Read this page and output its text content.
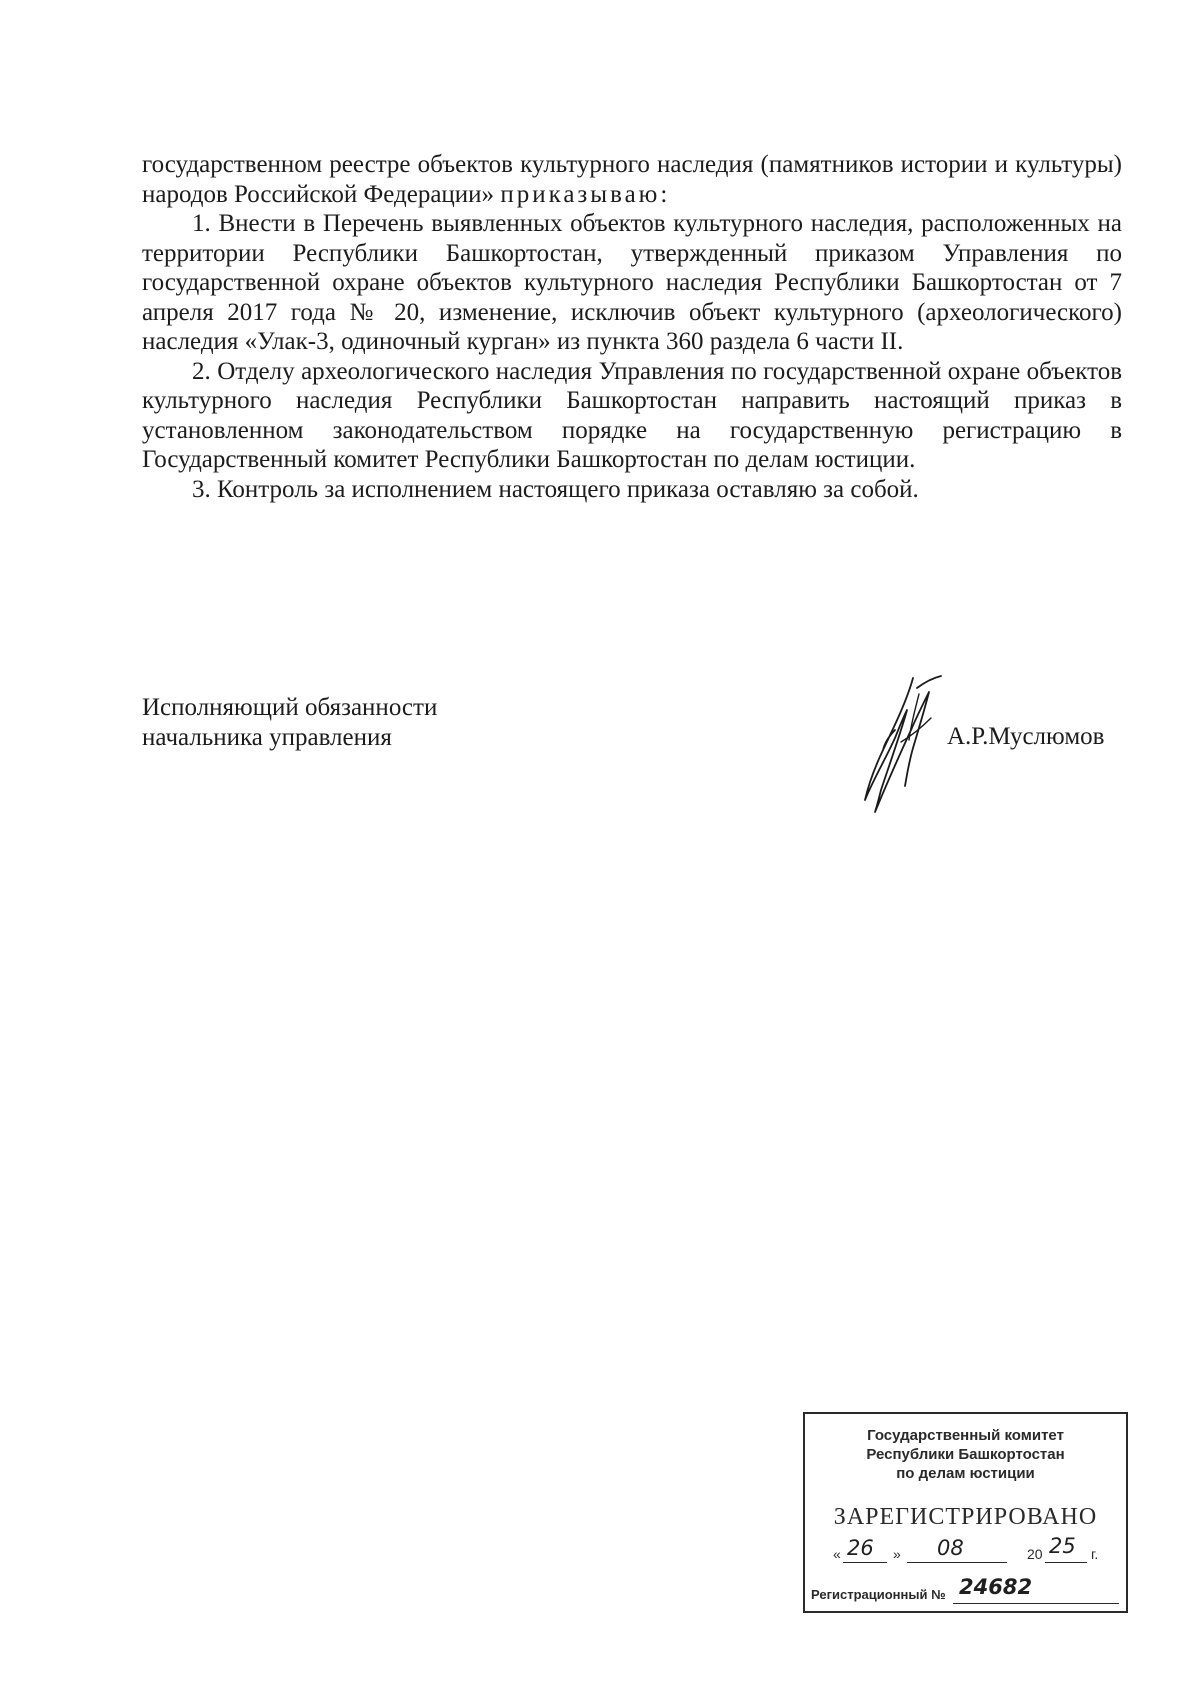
государственном реестре объектов культурного наследия (памятников истории и культуры) народов Российской Федерации» приказываю:

1. Внести в Перечень выявленных объектов культурного наследия, расположенных на территории Республики Башкортостан, утвержденный приказом Управления по государственной охране объектов культурного наследия Республики Башкортостан от 7 апреля 2017 года № 20, изменение, исключив объект культурного (археологического) наследия «Улак-3, одиночный курган» из пункта 360 раздела 6 части II.

2. Отделу археологического наследия Управления по государственной охране объектов культурного наследия Республики Башкортостан направить настоящий приказ в установленном законодательством порядке на государственную регистрацию в Государственный комитет Республики Башкортостан по делам юстиции.

3. Контроль за исполнением настоящего приказа оставляю за собой.

Исполняющий обязанности
начальника управления	А.Р.Муслюмов
Государственный комитет
Республики Башкортостан
по делам юстиции
ЗАРЕГИСТРИРОВАНО
« 26 » 08	20 25 г.
Регистрационный № 24682
